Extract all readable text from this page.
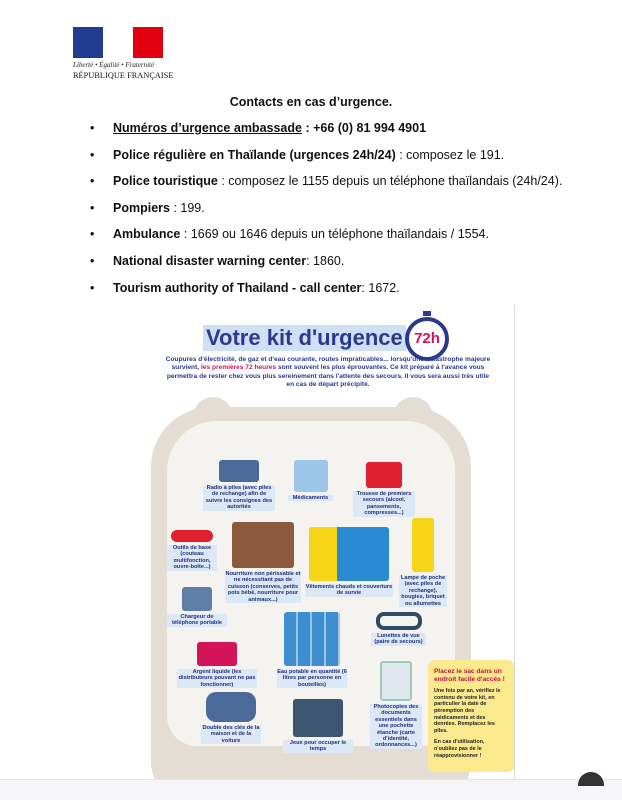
Liberté • Égalité • Fraternité
RÉPUBLIQUE FRANÇAISE
Contacts en cas d’urgence.
• Numéros d’urgence ambassade : +66 (0) 81 994 4901
• Police régulière en Thaïlande (urgences 24h/24) : composez le 191.
• Police touristique : composez le 1155 depuis un téléphone thaïlandais (24h/24).
• Pompiers : 199.
• Ambulance : 1669 ou 1646 depuis un téléphone thaïlandais / 1554.
• National disaster warning center: 1860.
• Tourism authority of Thailand - call center: 1672.
Votre kit d'urgence 72h
Coupures d'électricité, de gaz et d'eau courante, routes impraticables... lorsqu'une catastrophe majeure survient, les premières 72 heures sont souvent les plus éprouvantes. Ce kit préparé à l'avance vous permettra de rester chez vous plus sereinement dans l'attente des secours. Il vous sera aussi très utile en cas de départ précipité.
Radio à piles (avec piles de rechange) afin de suivre les consignes des autorités
Médicaments
Trousse de premiers secours (alcool, pansements, compresses...)
Outils de base (couteau multifonction, ouvre-boîte...)
Nourriture non périssable et ne nécessitant pas de cuisson (conserves, petits pots bébé, nourriture pour animaux...)
Vêtements chauds et couverture de survie
Lampe de poche (avec piles de rechange), bougies, briquet ou allumettes
Chargeur de téléphone portable
Eau potable en quantité (6 litres par personne en bouteilles)
Lunettes de vue (paire de secours)
Argent liquide (les distributeurs pouvant ne pas fonctionner)
Photocopies des documents essentiels dans une pochette étanche (carte d'identité, ordonnances...)
Double des clés de la maison et de la voiture	Jeux pour occuper le temps
Placez le sac dans un endroit facile d'accès !

Une fois par an, vérifiez le contenu de votre kit, en particulier la date de péremption des médicaments et des denrées. Remplacez les piles.

En cas d'utilisation, n'oubliez pas de le réapprovisionner !
